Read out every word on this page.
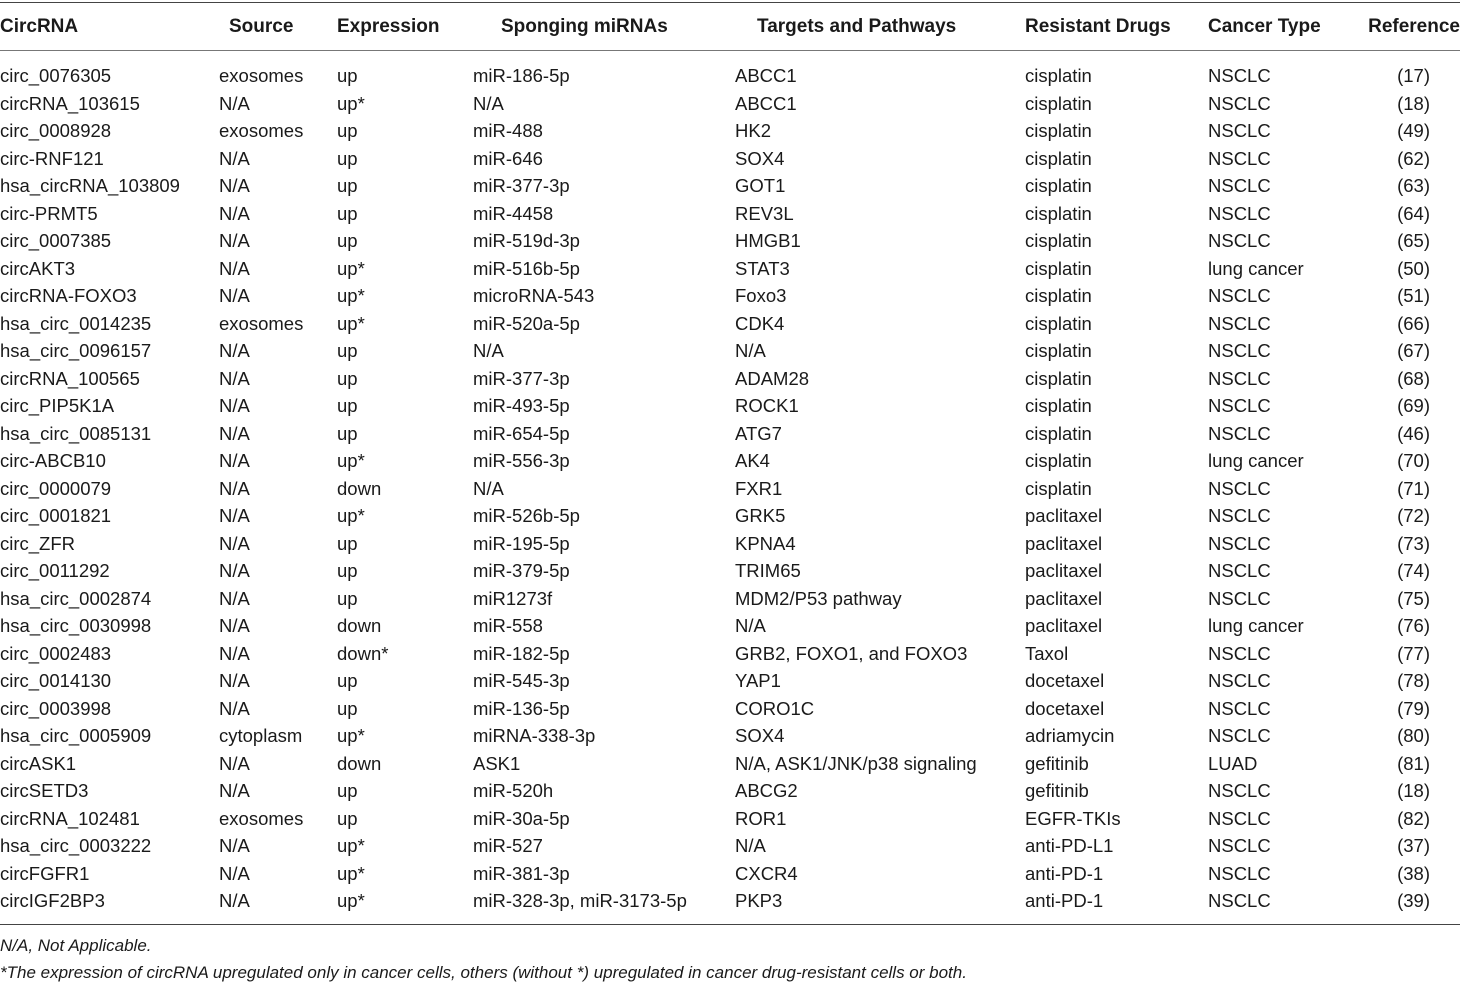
CircRNA	Source	Expression	Sponging miRNAs	Targets and Pathways	Resistant Drugs	Cancer Type	Reference
circ_0076305	exosomes	up	miR-186-5p	ABCC1	cisplatin	NSCLC	(17)
circRNA_103615	N/A	up*	N/A	ABCC1	cisplatin	NSCLC	(18)
circ_0008928	exosomes	up	miR-488	HK2	cisplatin	NSCLC	(49)
circ-RNF121	N/A	up	miR-646	SOX4	cisplatin	NSCLC	(62)
hsa_circRNA_103809	N/A	up	miR-377-3p	GOT1	cisplatin	NSCLC	(63)
circ-PRMT5	N/A	up	miR-4458	REV3L	cisplatin	NSCLC	(64)
circ_0007385	N/A	up	miR-519d-3p	HMGB1	cisplatin	NSCLC	(65)
circAKT3	N/A	up*	miR-516b-5p	STAT3	cisplatin	lung cancer	(50)
circRNA-FOXO3	N/A	up*	microRNA-543	Foxo3	cisplatin	NSCLC	(51)
hsa_circ_0014235	exosomes	up*	miR-520a-5p	CDK4	cisplatin	NSCLC	(66)
hsa_circ_0096157	N/A	up	N/A	N/A	cisplatin	NSCLC	(67)
circRNA_100565	N/A	up	miR-377-3p	ADAM28	cisplatin	NSCLC	(68)
circ_PIP5K1A	N/A	up	miR-493-5p	ROCK1	cisplatin	NSCLC	(69)
hsa_circ_0085131	N/A	up	miR-654-5p	ATG7	cisplatin	NSCLC	(46)
circ-ABCB10	N/A	up*	miR-556-3p	AK4	cisplatin	lung cancer	(70)
circ_0000079	N/A	down	N/A	FXR1	cisplatin	NSCLC	(71)
circ_0001821	N/A	up*	miR-526b-5p	GRK5	paclitaxel	NSCLC	(72)
circ_ZFR	N/A	up	miR-195-5p	KPNA4	paclitaxel	NSCLC	(73)
circ_0011292	N/A	up	miR-379-5p	TRIM65	paclitaxel	NSCLC	(74)
hsa_circ_0002874	N/A	up	miR1273f	MDM2/P53 pathway	paclitaxel	NSCLC	(75)
hsa_circ_0030998	N/A	down	miR-558	N/A	paclitaxel	lung cancer	(76)
circ_0002483	N/A	down*	miR-182-5p	GRB2, FOXO1, and FOXO3	Taxol	NSCLC	(77)
circ_0014130	N/A	up	miR-545-3p	YAP1	docetaxel	NSCLC	(78)
circ_0003998	N/A	up	miR-136-5p	CORO1C	docetaxel	NSCLC	(79)
hsa_circ_0005909	cytoplasm	up*	miRNA-338-3p	SOX4	adriamycin	NSCLC	(80)
circASK1	N/A	down	ASK1	N/A, ASK1/JNK/p38 signaling	gefitinib	LUAD	(81)
circSETD3	N/A	up	miR-520h	ABCG2	gefitinib	NSCLC	(18)
circRNA_102481	exosomes	up	miR-30a-5p	ROR1	EGFR-TKIs	NSCLC	(82)
hsa_circ_0003222	N/A	up*	miR-527	N/A	anti-PD-L1	NSCLC	(37)
circFGFR1	N/A	up*	miR-381-3p	CXCR4	anti-PD-1	NSCLC	(38)
circIGF2BP3	N/A	up*	miR-328-3p, miR-3173-5p	PKP3	anti-PD-1	NSCLC	(39)
N/A, Not Applicable.
*The expression of circRNA upregulated only in cancer cells, others (without *) upregulated in cancer drug-resistant cells or both.
